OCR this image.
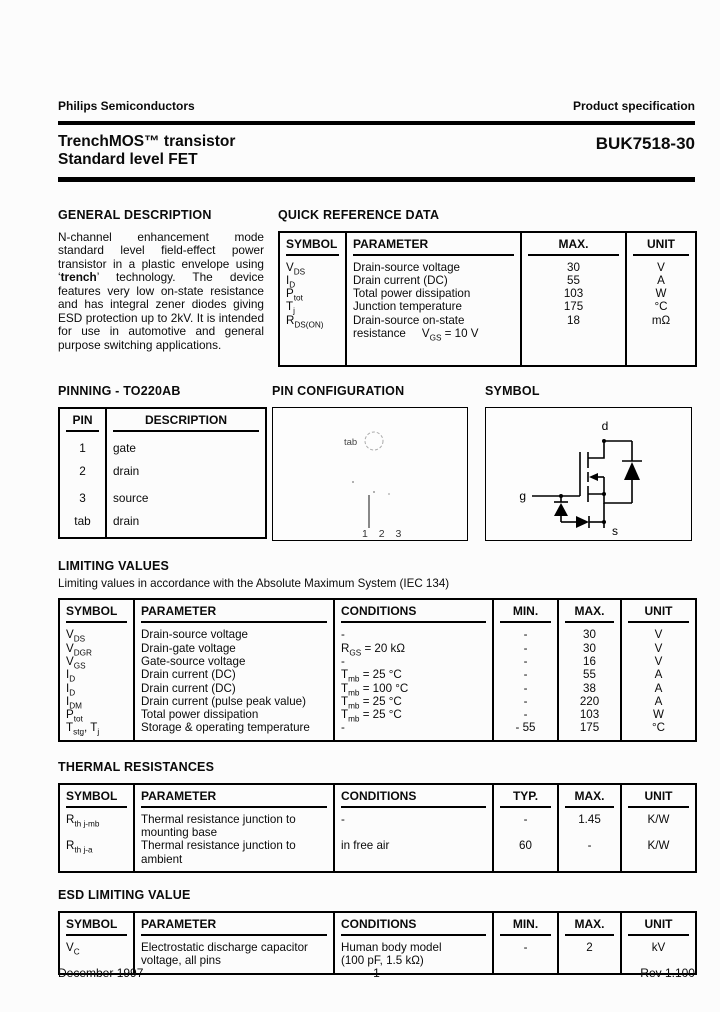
Philips Semiconductors	Product specification
TrenchMOS™ transistor
Standard level FET
BUK7518-30
GENERAL DESCRIPTION

N-channel enhancement mode standard level field-effect power transistor in a plastic envelope using ‘trench’ technology. The device features very low on-state resistance and has integral zener diodes giving ESD protection up to 2kV. It is intended for use in automotive and general purpose switching applications.

QUICK REFERENCE DATA
SYMBOL	PARAMETER	MAX.	UNIT

$V_{DS}$	Drain-source voltage	30	V
$I_D$	Drain current (DC)	55	A
$P_{tot}$	Total power dissipation	103	W
$T_j$	Junction temperature	175	°C
$R_{DS(ON)}$	Drain-source on-state
resistance $V_{GS} = 10$ V	18	mΩ

PINNING - TO220AB
PIN	DESCRIPTION

1	gate
2	drain
3	source
tab	drain
PIN CONFIGURATION
tab
1 2 3
SYMBOL
d
g
s
LIMITING VALUES

Limiting values in accordance with the Absolute Maximum System (IEC 134)

SYMBOL	PARAMETER	CONDITIONS	MIN.	MAX.	UNIT

$V_{DS}$	Drain-source voltage	-	-	30	V
$V_{DGR}$	Drain-gate voltage	$R_{GS} = 20$ kΩ	-	30	V
$V_{GS}$	Gate-source voltage	-	-	16	V
$I_D$	Drain current (DC)	$T_{mb} = 25$ °C	-	55	A
$I_D$	Drain current (DC)	$T_{mb} = 100$ °C	-	38	A
$I_{DM}$	Drain current (pulse peak value)	$T_{mb} = 25$ °C	-	220	A
$P_{tot}$	Total power dissipation	$T_{mb} = 25$ °C	-	103	W
$T_{stg}$, $T_j$	Storage & operating temperature	-	- 55	175	°C
THERMAL RESISTANCES
SYMBOL	PARAMETER	CONDITIONS	TYP.	MAX.	UNIT

$R_{th j-mb}$	Thermal resistance junction to
mounting base	-	-	1.45	K/W
$R_{th j-a}$	Thermal resistance junction to
ambient	in free air	60	-	K/W
ESD LIMITING VALUE
SYMBOL	PARAMETER	CONDITIONS	MIN.	MAX.	UNIT

$V_C$	Electrostatic discharge capacitor
voltage, all pins	Human body model
(100 pF, 1.5 kΩ)	-	2	kV
December 1997	1	Rev 1.100
